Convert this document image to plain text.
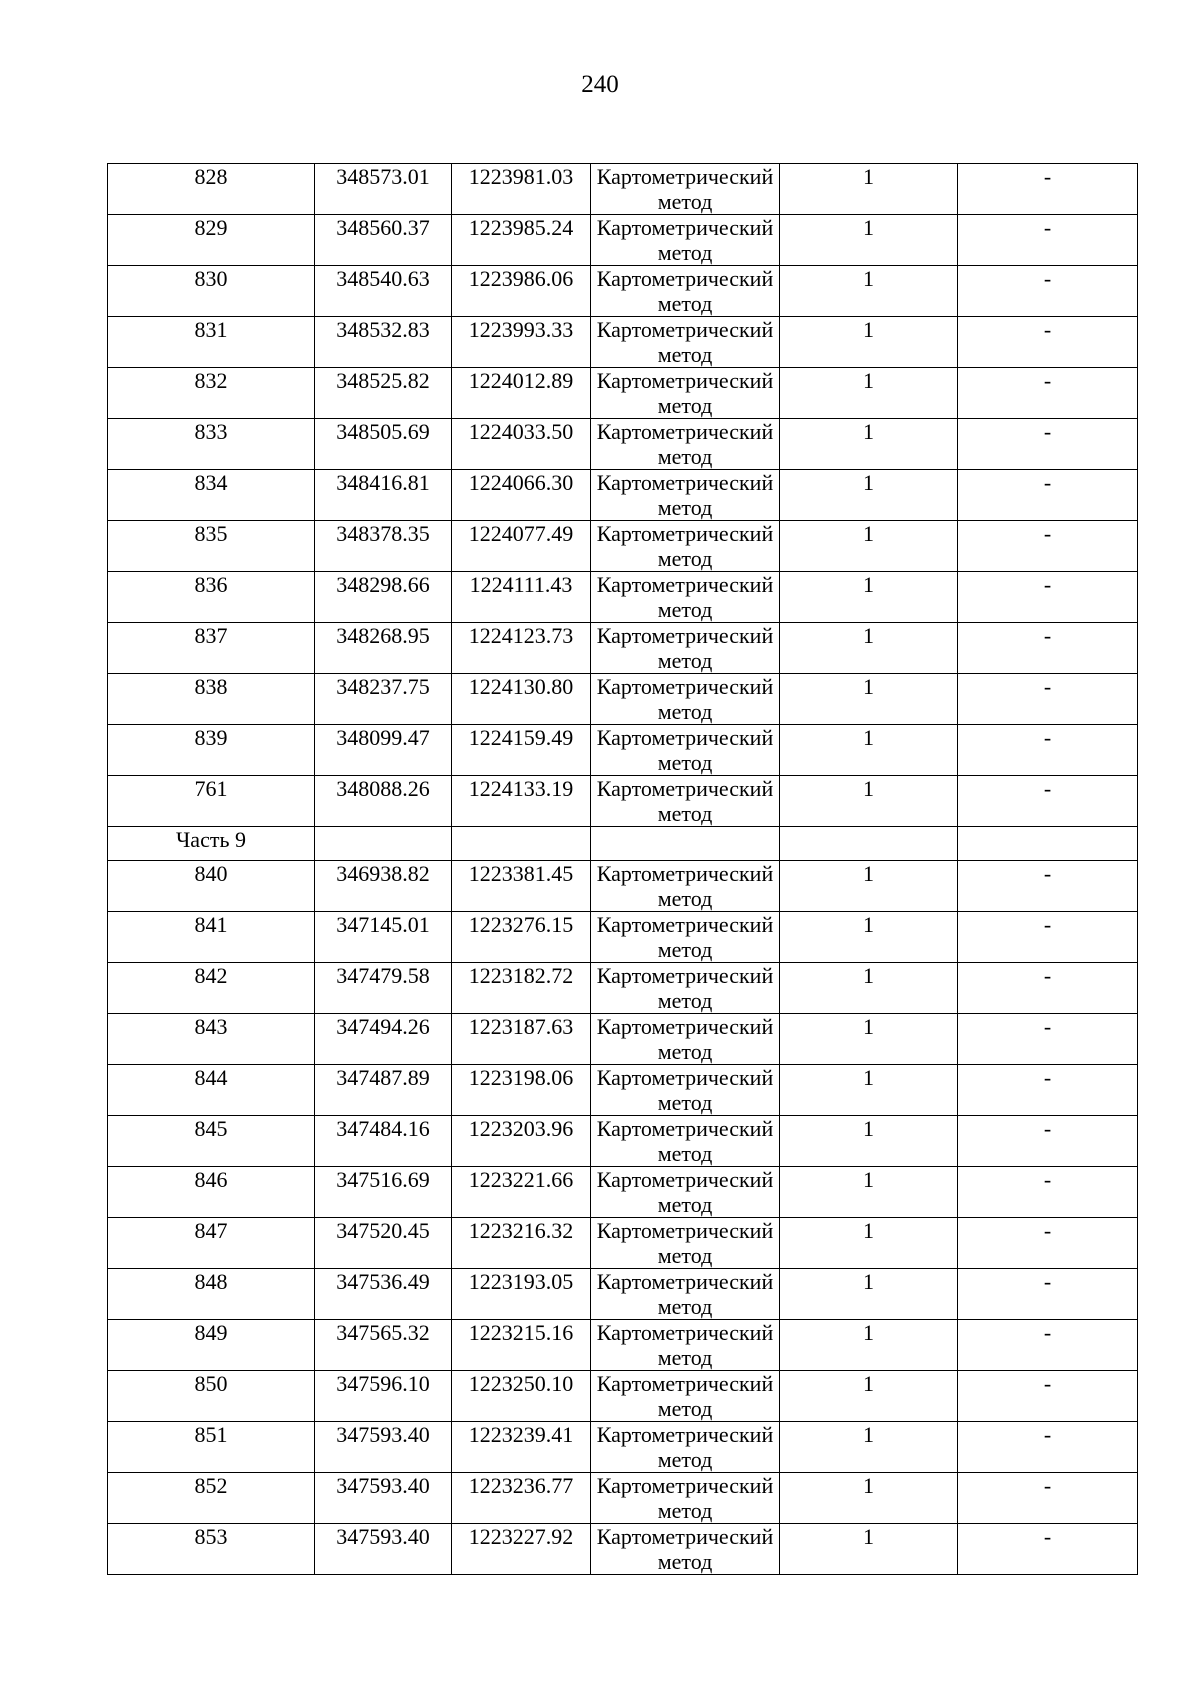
240
828	348573.01	1223981.03	Картометрический метод	1	-
829	348560.37	1223985.24	Картометрический метод	1	-
830	348540.63	1223986.06	Картометрический метод	1	-
831	348532.83	1223993.33	Картометрический метод	1	-
832	348525.82	1224012.89	Картометрический метод	1	-
833	348505.69	1224033.50	Картометрический метод	1	-
834	348416.81	1224066.30	Картометрический метод	1	-
835	348378.35	1224077.49	Картометрический метод	1	-
836	348298.66	1224111.43	Картометрический метод	1	-
837	348268.95	1224123.73	Картометрический метод	1	-
838	348237.75	1224130.80	Картометрический метод	1	-
839	348099.47	1224159.49	Картометрический метод	1	-
761	348088.26	1224133.19	Картометрический метод	1	-
Часть 9					
840	346938.82	1223381.45	Картометрический метод	1	-
841	347145.01	1223276.15	Картометрический метод	1	-
842	347479.58	1223182.72	Картометрический метод	1	-
843	347494.26	1223187.63	Картометрический метод	1	-
844	347487.89	1223198.06	Картометрический метод	1	-
845	347484.16	1223203.96	Картометрический метод	1	-
846	347516.69	1223221.66	Картометрический метод	1	-
847	347520.45	1223216.32	Картометрический метод	1	-
848	347536.49	1223193.05	Картометрический метод	1	-
849	347565.32	1223215.16	Картометрический метод	1	-
850	347596.10	1223250.10	Картометрический метод	1	-
851	347593.40	1223239.41	Картометрический метод	1	-
852	347593.40	1223236.77	Картометрический метод	1	-
853	347593.40	1223227.92	Картометрический метод	1	-
